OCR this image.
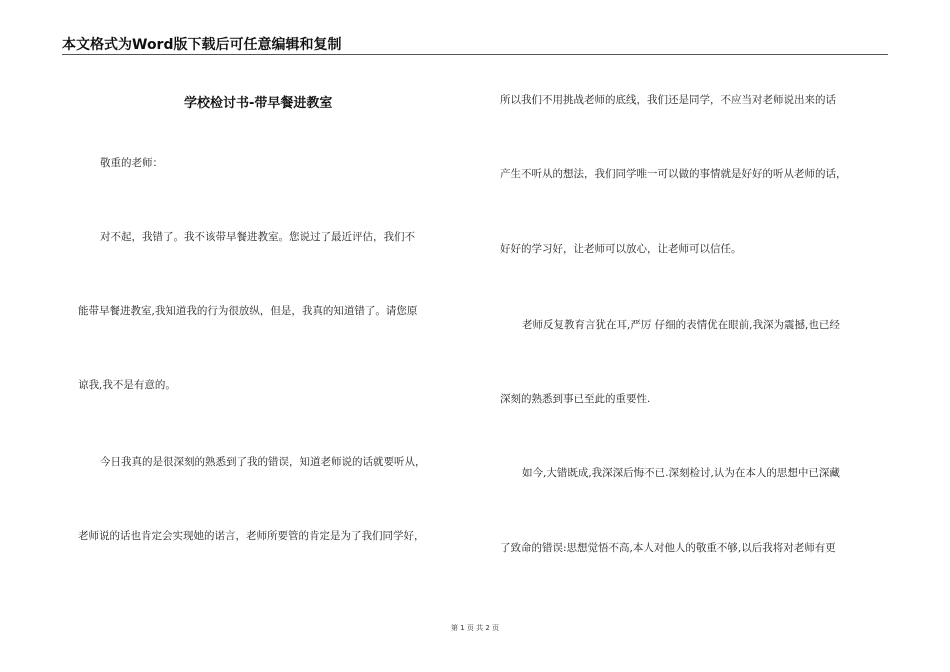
本文格式为Word版下载后可任意编辑和复制
学校检讨书-带早餐进教室
敬重的老师：
对不起，我错了。我不该带早餐进教室。您说过了最近评估，我们不
能带早餐进教室,我知道我的行为很放纵，但是，我真的知道错了。请您原
谅我,我不是有意的。
今日我真的是很深刻的熟悉到了我的错误，知道老师说的话就要听从，
老师说的话也肯定会实现她的诺言，老师所要管的肯定是为了我们同学好，
所以我们不用挑战老师的底线，我们还是同学，不应当对老师说出来的话
产生不听从的想法，我们同学唯一可以做的事情就是好好的听从老师的话，
好好的学习好，让老师可以放心，让老师可以信任。
老师反复教育言犹在耳,严厉 仔细的表情优在眼前,我深为震撼,也已经
深刻的熟悉到事已至此的重要性.
如今,大错既成,我深深后悔不已.深刻检讨,认为在本人的思想中已深藏
了致命的错误:思想觉悟不高,本人对他人的敬重不够,以后我将对老师有更
第 1 页 共 2 页
